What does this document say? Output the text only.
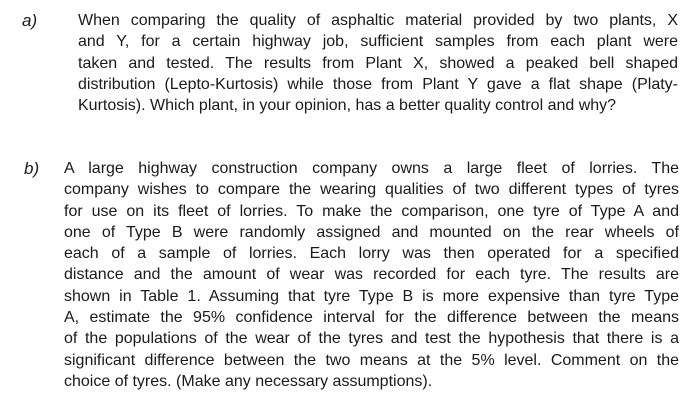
a)	When comparing the quality of asphaltic material provided by two plants, X
and Y, for a certain highway job, sufficient samples from each plant were
taken and tested. The results from Plant X, showed a peaked bell shaped
distribution (Lepto-Kurtosis) while those from Plant Y gave a flat shape (Platy-
Kurtosis). Which plant, in your opinion, has a better quality control and why?
b) A large highway construction company owns a large fleet of lorries. The
company wishes to compare the wearing qualities of two different types of tyres
for use on its fleet of lorries. To make the comparison, one tyre of Type A and
one of Type B were randomly assigned and mounted on the rear wheels of
each of a sample of lorries. Each lorry was then operated for a specified
distance and the amount of wear was recorded for each tyre. The results are
shown in Table 1. Assuming that tyre Type B is more expensive than tyre Type
A, estimate the 95% confidence interval for the difference between the means
of the populations of the wear of the tyres and test the hypothesis that there is a
significant difference between the two means at the 5% level. Comment on the
choice of tyres. (Make any necessary assumptions).
